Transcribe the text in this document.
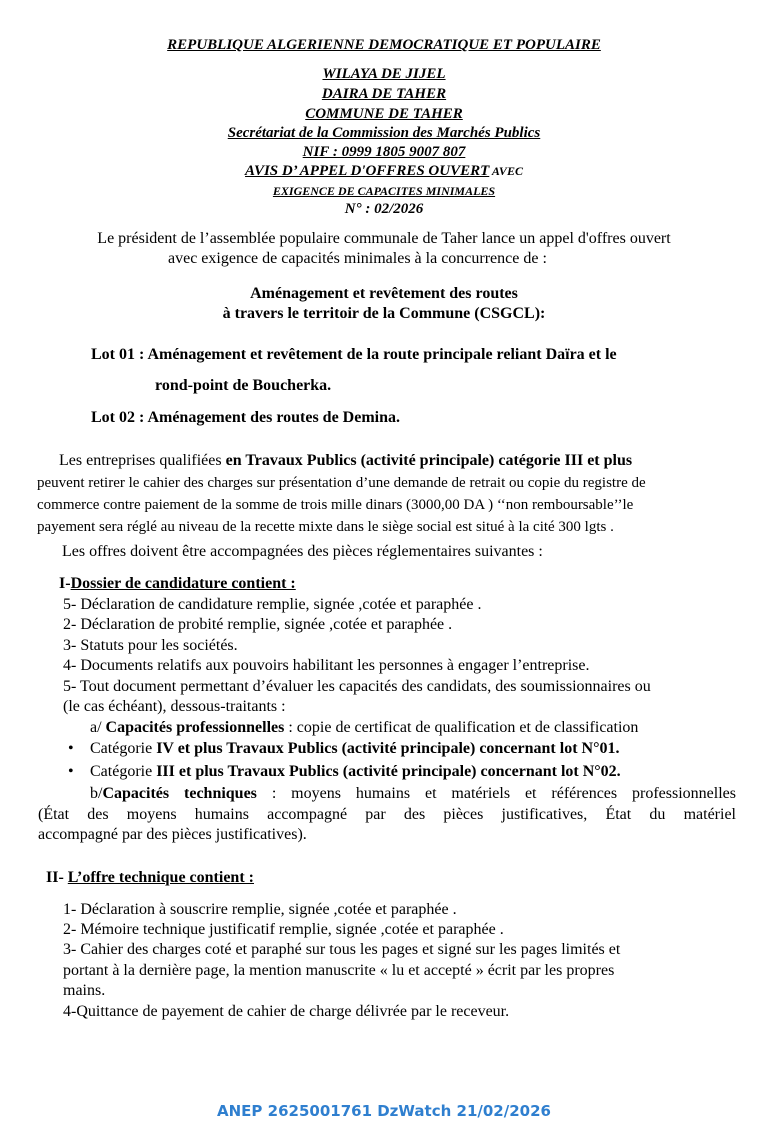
REPUBLIQUE ALGERIENNE DEMOCRATIQUE ET POPULAIRE
WILAYA DE JIJEL
DAIRA DE TAHER
COMMUNE DE TAHER
Secrétariat de la Commission des Marchés Publics
NIF : 0999 1805 9007 807
AVIS D’ APPEL D'OFFRES OUVERT AVEC
EXIGENCE DE CAPACITES MINIMALES
N° : 02/2026
Le président de l’assemblée populaire communale de Taher lance un appel d'offres ouvert
avec exigence de capacités minimales à la concurrence de :
Aménagement et revêtement des routes
à travers le territoir de la Commune (CSGCL):
Lot 01 : Aménagement et revêtement de la route principale reliant Daïra et le
rond-point de Boucherka.
Lot 02 : Aménagement des routes de Demina.
Les entreprises qualifiées en Travaux Publics (activité principale) catégorie III et plus
peuvent retirer le cahier des charges sur présentation d’une demande de retrait ou copie du registre de
commerce contre paiement de la somme de trois mille dinars (3000,00 DA ) ‘‘non remboursable’’le
payement sera réglé au niveau de la recette mixte dans le siège social est situé à la cité 300 lgts .
Les offres doivent être accompagnées des pièces réglementaires suivantes :
I-Dossier de candidature contient :
5- Déclaration de candidature remplie, signée ,cotée et paraphée .
2- Déclaration de probité remplie, signée ,cotée et paraphée .
3- Statuts pour les sociétés.
4- Documents relatifs aux pouvoirs habilitant les personnes à engager l’entreprise.
5- Tout document permettant d’évaluer les capacités des candidats, des soumissionnaires ou
(le cas échéant), dessous-traitants :
a/ Capacités professionnelles : copie de certificat de qualification et de classification
• Catégorie IV et plus Travaux Publics (activité principale) concernant lot N°01.
• Catégorie III et plus Travaux Publics (activité principale) concernant lot N°02.
b/Capacités techniques : moyens humains et matériels et références professionnelles
(État des moyens humains accompagné par des pièces justificatives, État du matériel
accompagné par des pièces justificatives).
II- L’offre technique contient :
1- Déclaration à souscrire remplie, signée ,cotée et paraphée .
2- Mémoire technique justificatif remplie, signée ,cotée et paraphée .
3- Cahier des charges coté et paraphé sur tous les pages et signé sur les pages limités et
portant à la dernière page, la mention manuscrite « lu et accepté » écrit par les propres
mains.
4-Quittance de payement de cahier de charge délivrée par le receveur.
ANEP 2625001761 DzWatch 21/02/2026
